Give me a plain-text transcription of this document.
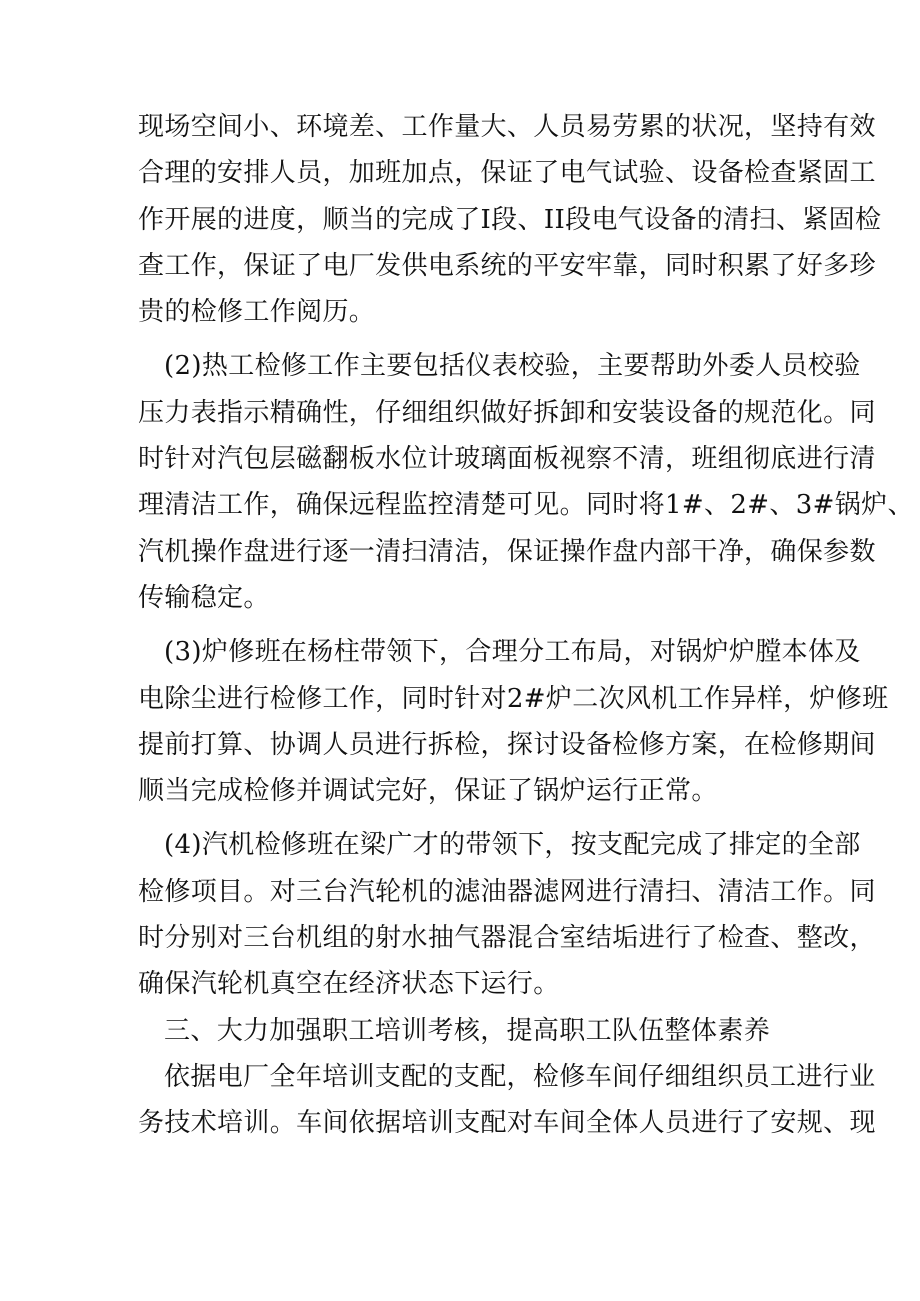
现场空间小、环境差、工作量大、人员易劳累的状况，坚持有效
合理的安排人员，加班加点，保证了电气试验、设备检查紧固工
作开展的进度，顺当的完成了I段、II段电气设备的清扫、紧固检
查工作，保证了电厂发供电系统的平安牢靠，同时积累了好多珍
贵的检修工作阅历。
(2)热工检修工作主要包括仪表校验，主要帮助外委人员校验
压力表指示精确性，仔细组织做好拆卸和安装设备的规范化。同
时针对汽包层磁翻板水位计玻璃面板视察不清，班组彻底进行清
理清洁工作，确保远程监控清楚可见。同时将1#、2#、3#锅炉、
汽机操作盘进行逐一清扫清洁，保证操作盘内部干净，确保参数
传输稳定。
(3)炉修班在杨柱带领下，合理分工布局，对锅炉炉膛本体及
电除尘进行检修工作，同时针对2#炉二次风机工作异样，炉修班
提前打算、协调人员进行拆检，探讨设备检修方案，在检修期间
顺当完成检修并调试完好，保证了锅炉运行正常。
(4)汽机检修班在梁广才的带领下，按支配完成了排定的全部
检修项目。对三台汽轮机的滤油器滤网进行清扫、清洁工作。同
时分别对三台机组的射水抽气器混合室结垢进行了检查、整改，
确保汽轮机真空在经济状态下运行。
三、大力加强职工培训考核，提高职工队伍整体素养
依据电厂全年培训支配的支配，检修车间仔细组织员工进行业
务技术培训。车间依据培训支配对车间全体人员进行了安规、现
